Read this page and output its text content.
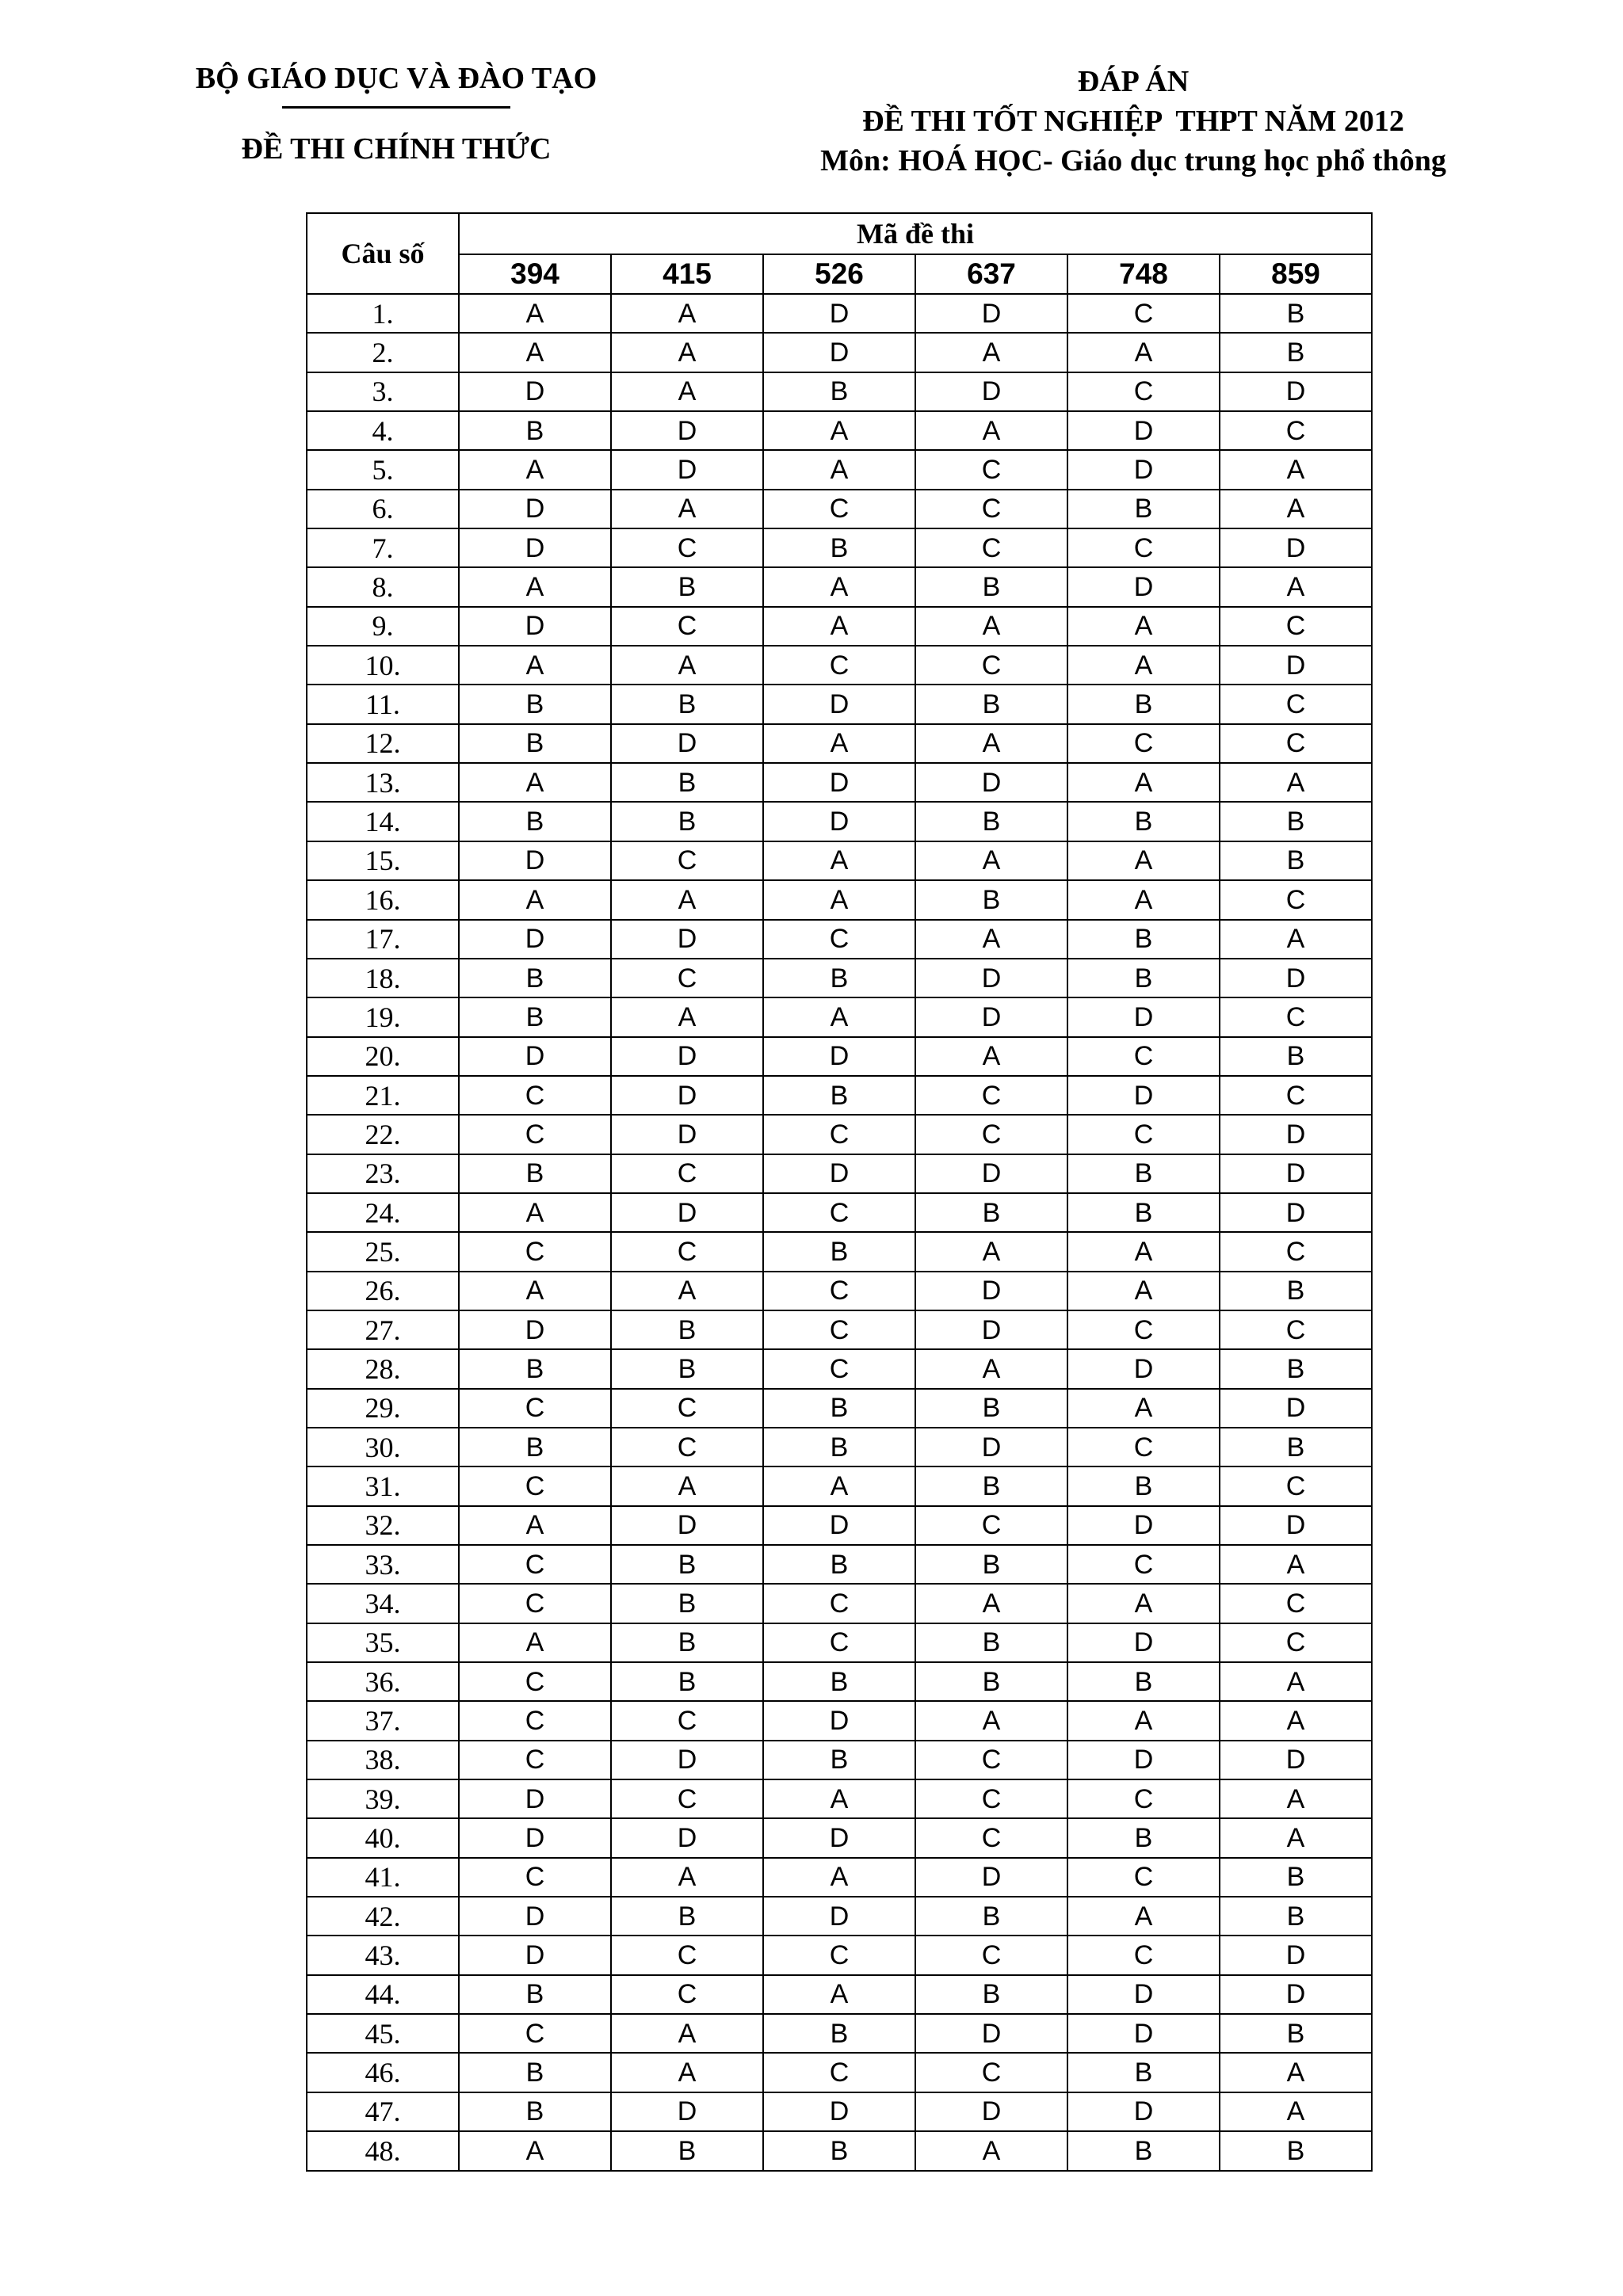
BỘ GIÁO DỤC VÀ ĐÀO TẠO
ĐỀ THI CHÍNH THỨC
ĐÁP ÁN
ĐỀ THI TỐT NGHIỆP  THPT NĂM 2012
Môn: HOÁ HỌC- Giáo dục trung học phổ thông
Câu số	Mã đề thi					
	394	415	526	637	748	859
1.	A	A	D	D	C	B
2.	A	A	D	A	A	B
3.	D	A	B	D	C	D
4.	B	D	A	A	D	C
5.	A	D	A	C	D	A
6.	D	A	C	C	B	A
7.	D	C	B	C	C	D
8.	A	B	A	B	D	A
9.	D	C	A	A	A	C
10.	A	A	C	C	A	D
11.	B	B	D	B	B	C
12.	B	D	A	A	C	C
13.	A	B	D	D	A	A
14.	B	B	D	B	B	B
15.	D	C	A	A	A	B
16.	A	A	A	B	A	C
17.	D	D	C	A	B	A
18.	B	C	B	D	B	D
19.	B	A	A	D	D	C
20.	D	D	D	A	C	B
21.	C	D	B	C	D	C
22.	C	D	C	C	C	D
23.	B	C	D	D	B	D
24.	A	D	C	B	B	D
25.	C	C	B	A	A	C
26.	A	A	C	D	A	B
27.	D	B	C	D	C	C
28.	B	B	C	A	D	B
29.	C	C	B	B	A	D
30.	B	C	B	D	C	B
31.	C	A	A	B	B	C
32.	A	D	D	C	D	D
33.	C	B	B	B	C	A
34.	C	B	C	A	A	C
35.	A	B	C	B	D	C
36.	C	B	B	B	B	A
37.	C	C	D	A	A	A
38.	C	D	B	C	D	D
39.	D	C	A	C	C	A
40.	D	D	D	C	B	A
41.	C	A	A	D	C	B
42.	D	B	D	B	A	B
43.	D	C	C	C	C	D
44.	B	C	A	B	D	D
45.	C	A	B	D	D	B
46.	B	A	C	C	B	A
47.	B	D	D	D	D	A
48.	A	B	B	A	B	B
